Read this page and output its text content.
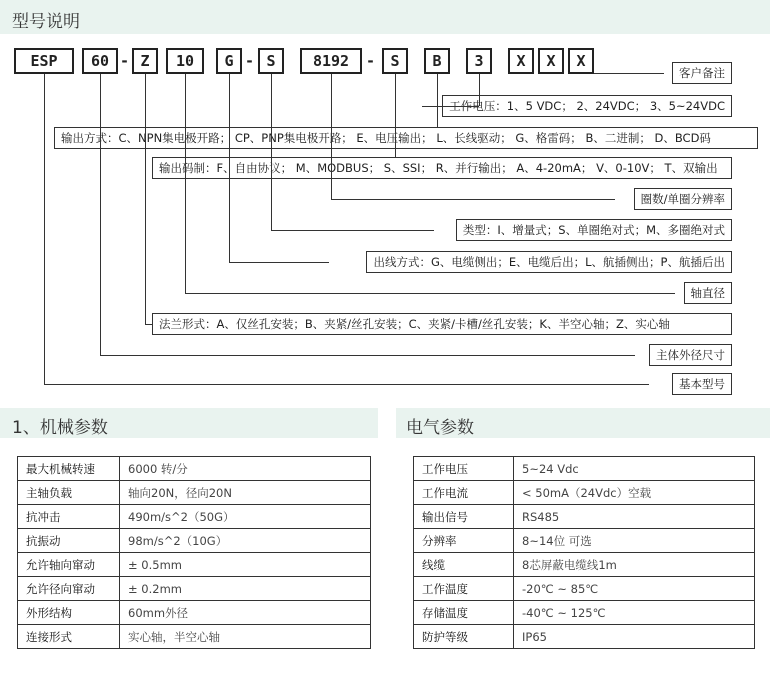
型号说明
ESP	60 - Z	10	G - S	8192	-	S	B	3	X	X	X
客户备注
工作电压：1、5 VDC； 2、24VDC； 3、5~24VDC
输出方式：C、NPN集电极开路； CP、PNP集电极开路； E、电压输出； L、长线驱动； G、格雷码； B、二进制； D、BCD码
输出码制：F、自由协议； M、MODBUS； S、SSI； R、并行输出； A、4-20mA； V、0-10V； T、双输出
圈数/单圈分辨率
类型：I、增量式；S、单圈绝对式；M、多圈绝对式
出线方式：G、电缆侧出；E、电缆后出；L、航插侧出；P、航插后出
轴直径
法兰形式：A、仅丝孔安装；B、夹紧/丝孔安装；C、夹紧/卡槽/丝孔安装；K、半空心轴；Z、实心轴
主体外径尺寸
基本型号
1、机械参数	电气参数
最大机械转速	6000 转/分
主轴负载	轴向20N，径向20N
抗冲击	490m/s^2（50G）
抗振动	98m/s^2（10G）
允许轴向窜动	± 0.5mm
允许径向窜动	± 0.2mm
外形结构	60mm外径
连接形式	实心轴，半空心轴
工作电压	5~24 Vdc
工作电流	< 50mA（24Vdc）空载
输出信号	RS485
分辨率	8~14位 可选
线缆	8芯屏蔽电缆线1m
工作温度	-20℃ ~ 85℃
存储温度	-40℃ ~ 125℃
防护等级	IP65
